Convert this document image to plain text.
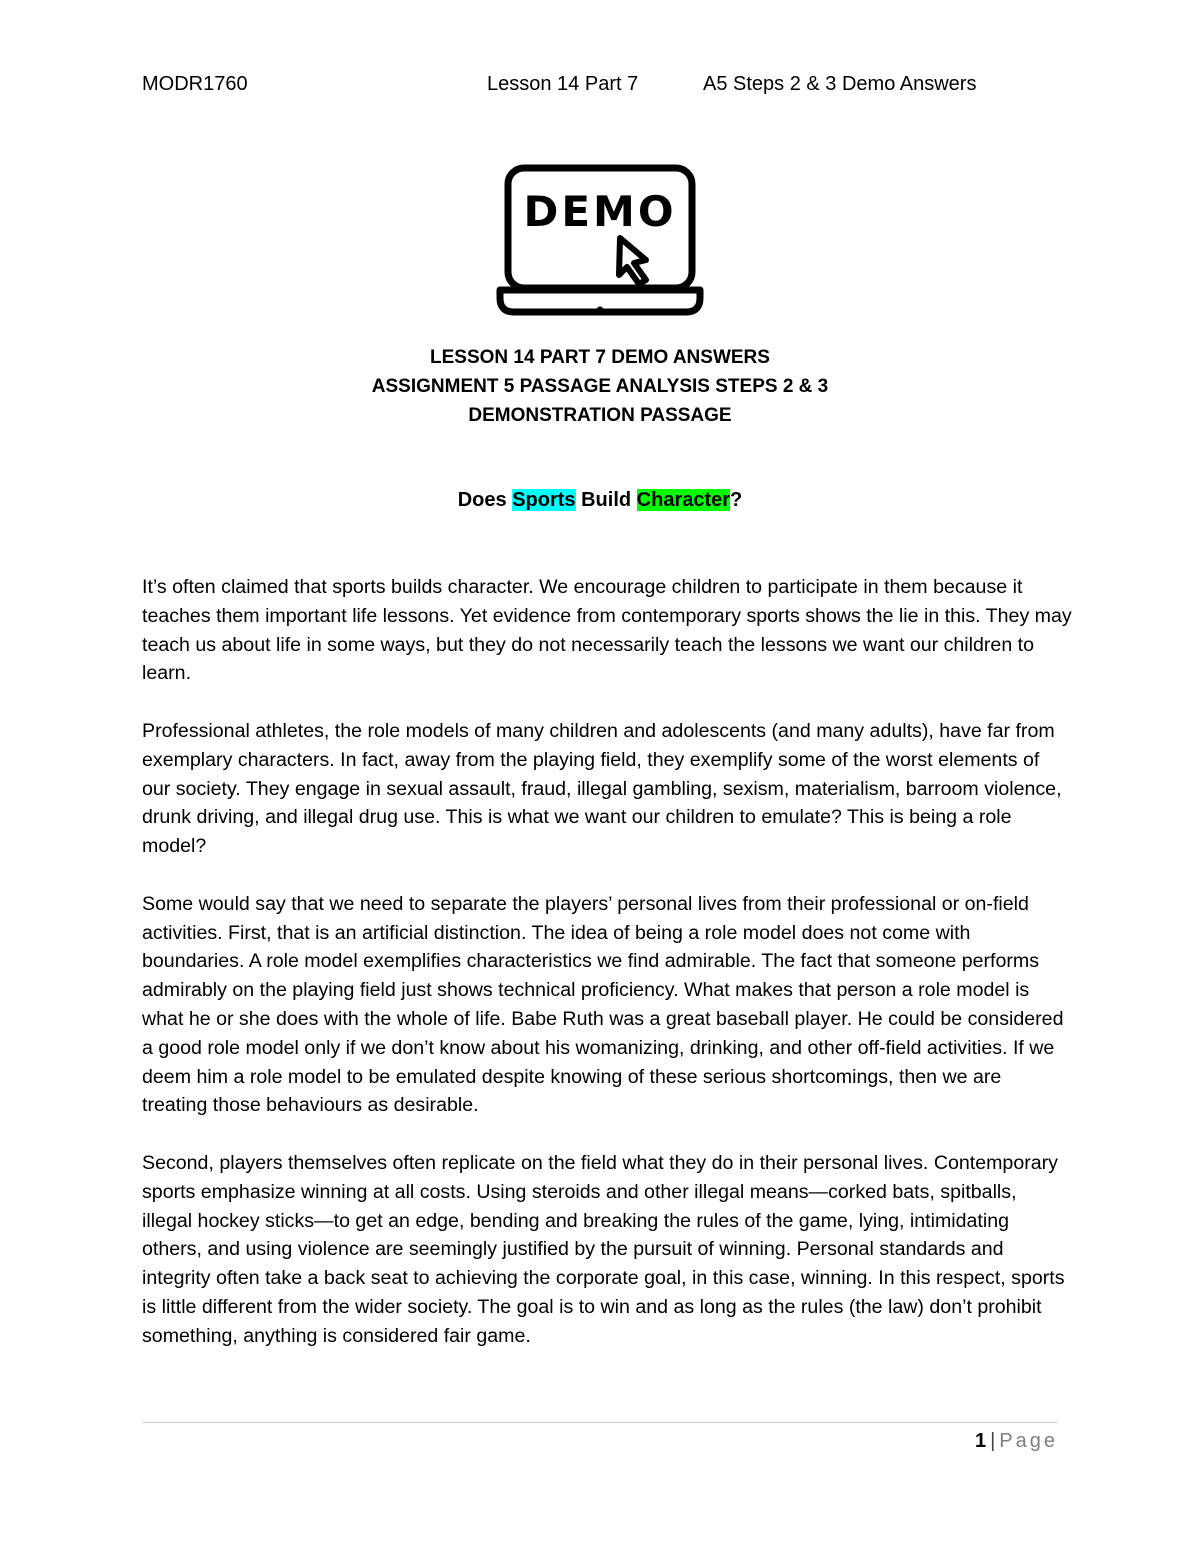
MODR1760	Lesson 14 Part 7	A5 Steps 2 & 3 Demo Answers
DEMO
LESSON 14 PART 7 DEMO ANSWERS
ASSIGNMENT 5 PASSAGE ANALYSIS STEPS 2 & 3
DEMONSTRATION PASSAGE
Does Sports Build Character?

It’s often claimed that sports builds character. We encourage children to participate in them because it teaches them important life lessons. Yet evidence from contemporary sports shows the lie in this. They may teach us about life in some ways, but they do not necessarily teach the lessons we want our children to learn.

Professional athletes, the role models of many children and adolescents (and many adults), have far from exemplary characters. In fact, away from the playing field, they exemplify some of the worst elements of our society. They engage in sexual assault, fraud, illegal gambling, sexism, materialism, barroom violence, drunk driving, and illegal drug use. This is what we want our children to emulate? This is being a role model?

Some would say that we need to separate the players’ personal lives from their professional or on-field activities. First, that is an artificial distinction. The idea of being a role model does not come with boundaries. A role model exemplifies characteristics we find admirable. The fact that someone performs admirably on the playing field just shows technical proficiency. What makes that person a role model is what he or she does with the whole of life. Babe Ruth was a great baseball player. He could be considered a good role model only if we don’t know about his womanizing, drinking, and other off-field activities. If we deem him a role model to be emulated despite knowing of these serious shortcomings, then we are treating those behaviours as desirable.

Second, players themselves often replicate on the field what they do in their personal lives. Contemporary sports emphasize winning at all costs. Using steroids and other illegal means—corked bats, spitballs, illegal hockey sticks—to get an edge, bending and breaking the rules of the game, lying, intimidating others, and using violence are seemingly justified by the pursuit of winning. Personal standards and integrity often take a back seat to achieving the corporate goal, in this case, winning. In this respect, sports is little different from the wider society. The goal is to win and as long as the rules (the law) don’t prohibit something, anything is considered fair game.

1 | Page
